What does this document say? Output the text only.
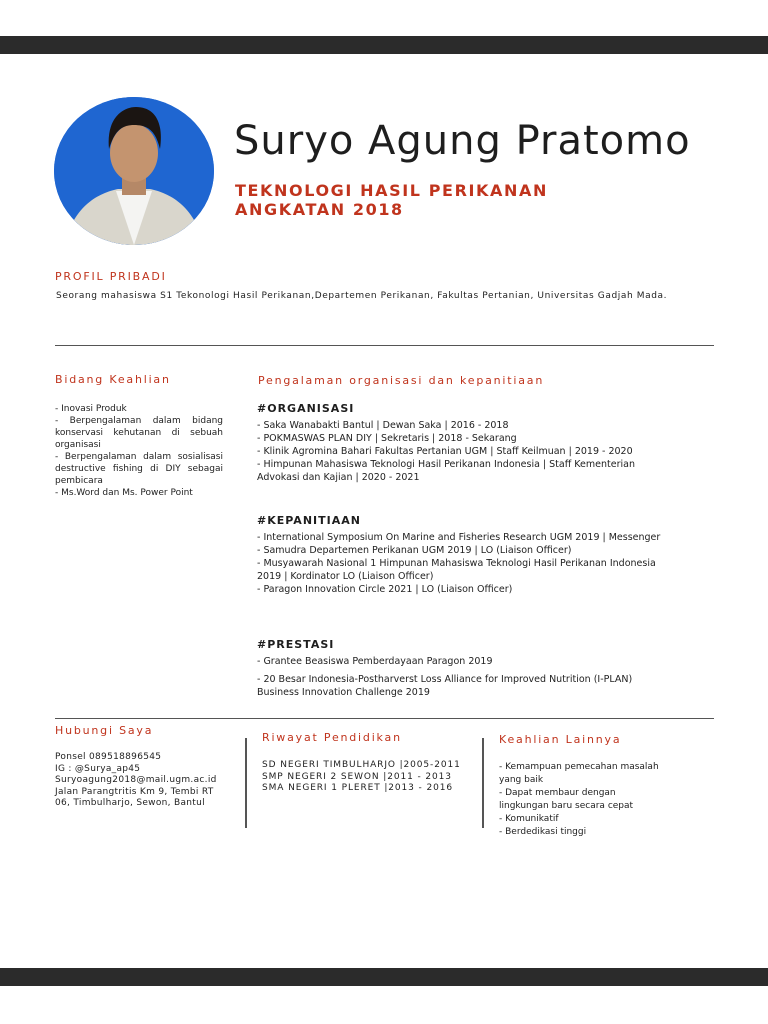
Suryo Agung Pratomo
TEKNOLOGI HASIL PERIKANAN
ANGKATAN 2018
PROFIL PRIBADI
Seorang mahasiswa S1 Tekonologi Hasil Perikanan,Departemen Perikanan, Fakultas Pertanian, Universitas Gadjah Mada.
Bidang Keahlian
- Inovasi Produk
- Berpengalaman dalam bidang konservasi kehutanan di sebuah organisasi
- Berpengalaman dalam sosialisasi destructive fishing di DIY sebagai pembicara
- Ms.Word dan Ms. Power Point
Pengalaman organisasi dan kepanitiaan
#ORGANISASI
- Saka Wanabakti Bantul | Dewan Saka | 2016 - 2018
- POKMASWAS PLAN DIY | Sekretaris | 2018 - Sekarang
- Klinik Agromina Bahari Fakultas Pertanian UGM | Staff Keilmuan | 2019 - 2020
- Himpunan Mahasiswa Teknologi Hasil Perikanan Indonesia | Staff Kementerian Advokasi dan Kajian | 2020 - 2021
#KEPANITIAAN
- International Symposium On Marine and Fisheries Research UGM 2019 | Messenger
- Samudra Departemen Perikanan UGM 2019 | LO (Liaison Officer)
- Musyawarah Nasional 1 Himpunan Mahasiswa Teknologi Hasil Perikanan Indonesia 2019 | Kordinator LO (Liaison Officer)
- Paragon Innovation Circle 2021 | LO (Liaison Officer)
#PRESTASI
- Grantee Beasiswa Pemberdayaan Paragon 2019
- 20 Besar Indonesia-Postharverst Loss Alliance for Improved Nutrition (I-PLAN) Business Innovation Challenge 2019
Hubungi Saya
Ponsel 089518896545
IG : @Surya_ap45
Suryoagung2018@mail.ugm.ac.id
Jalan Parangtritis Km 9, Tembi RT
06, Timbulharjo, Sewon, Bantul
Riwayat Pendidikan
SD NEGERI TIMBULHARJO |2005-2011
SMP NEGERI 2 SEWON |2011 - 2013
SMA NEGERI 1 PLERET |2013 - 2016
Keahlian Lainnya
- Kemampuan pemecahan masalah
yang baik
- Dapat membaur dengan
lingkungan baru secara cepat
- Komunikatif
- Berdedikasi tinggi
